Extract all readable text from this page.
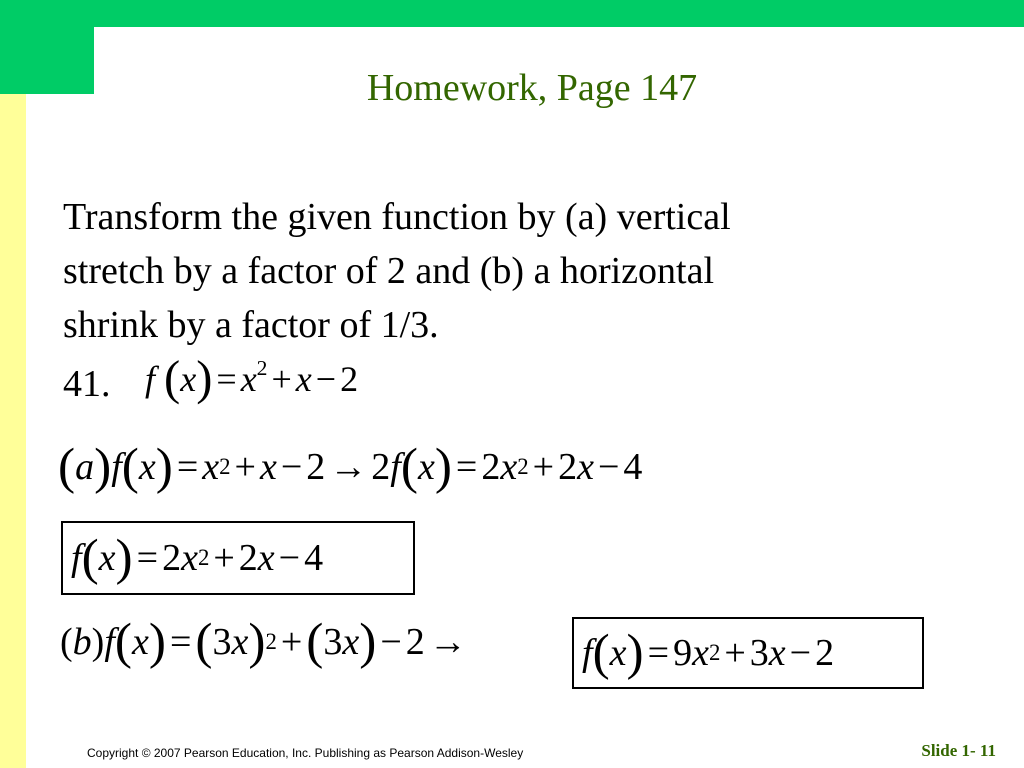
Homework, Page 147
Transform the given function by (a) vertical
stretch by a factor of 2 and (b) a horizontal
shrink by a factor of 1/3.
41. f $(x) = x^2 + x - 2$
( a ) f ( x ) = x 2 + x − 2 → 2 f ( x ) = 2 x 2 + 2 x − 4
f ( x ) = 2 x 2 + 2 x − 4
( b ) f ( x ) = ( 3 x ) 2 + ( 3 x ) − 2 →	f ( x ) = 9 x 2 + 3 x − 2
Copyright © 2007 Pearson Education, Inc. Publishing as Pearson Addison-Wesley	Slide 1- 11
